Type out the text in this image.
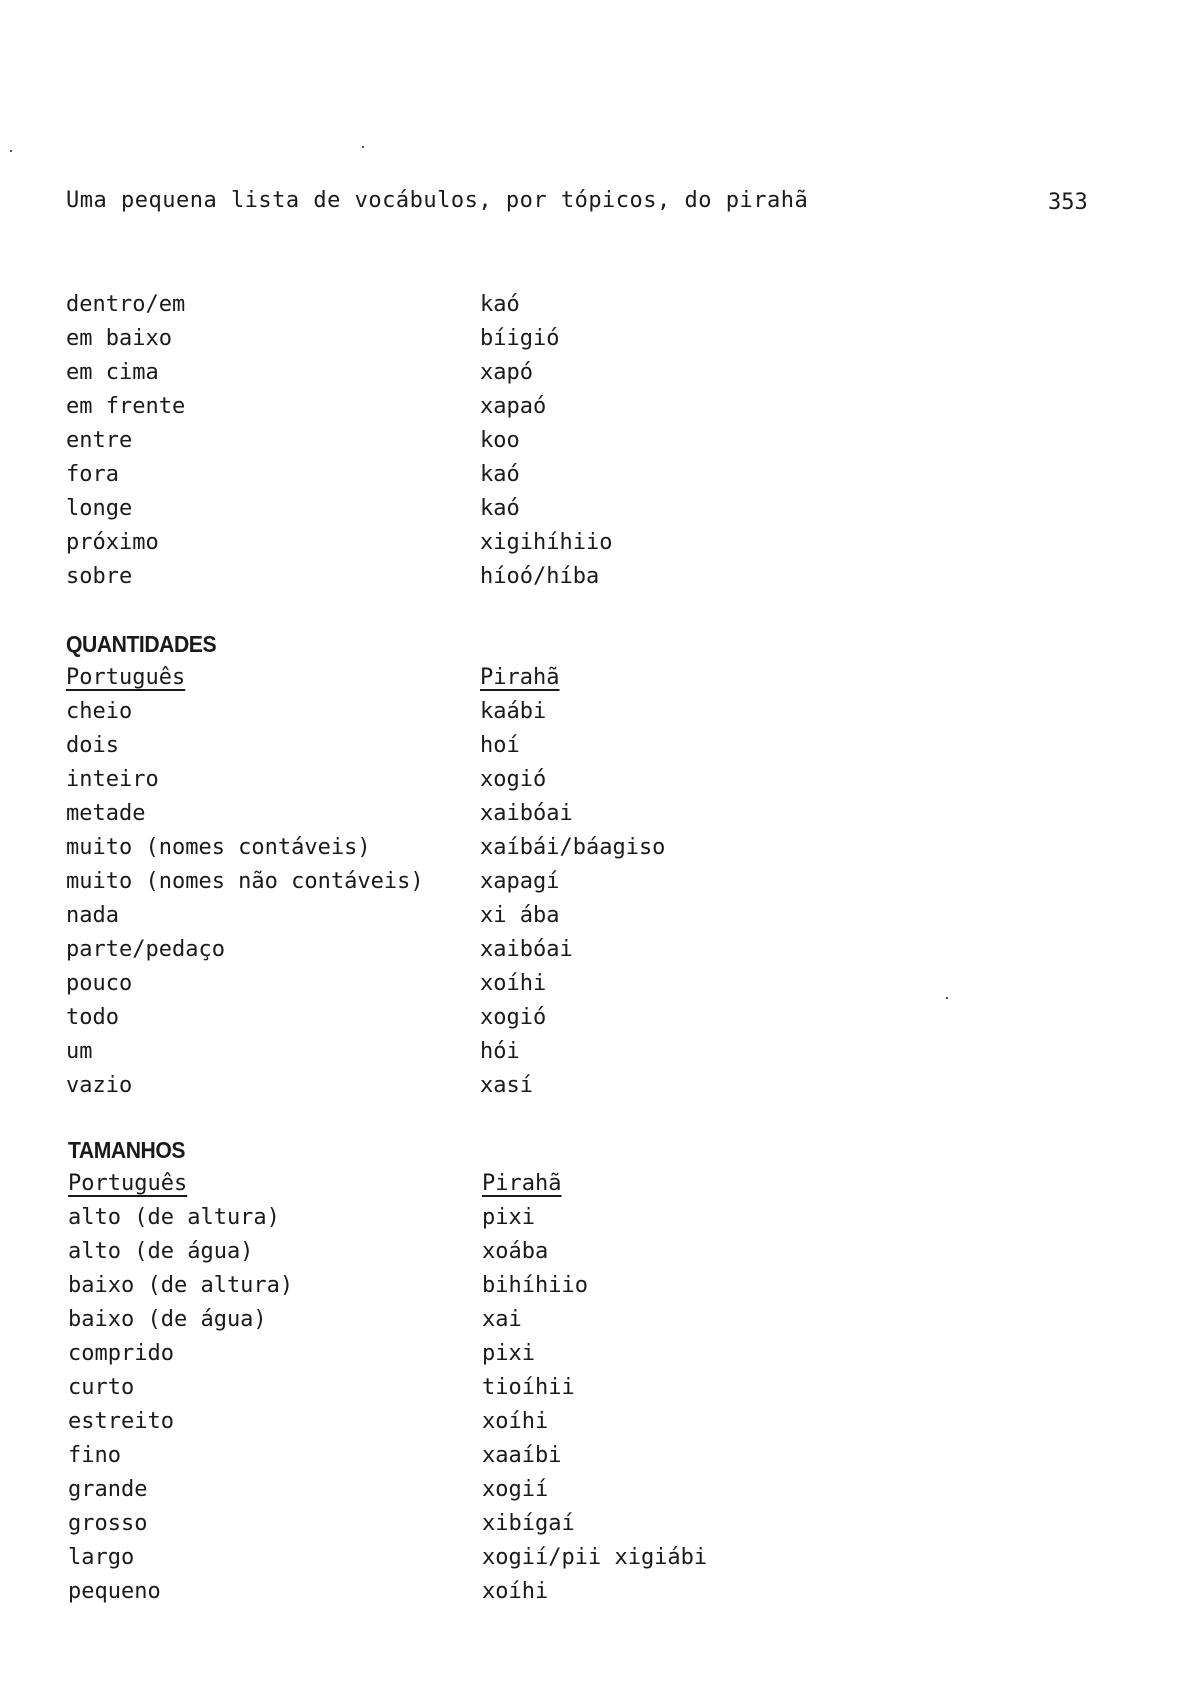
Uma pequena lista de vocábulos, por tópicos, do pirahã	353
dentro/em	kaó
em baixo	bíigió
em cima	xapó
em frente	xapaó
entre	koo
fora	kaó
longe	kaó
próximo	xigihíhiio
sobre	híoó/híba
QUANTIDADES
Português	Pirahã
cheio	kaábi
dois	hoí
inteiro	xogió
metade	xaibóai
muito (nomes contáveis)	xaíbái/báagiso
muito (nomes não contáveis)	xapagí
nada	xi ába
parte/pedaço	xaibóai
pouco	xoíhi
todo	xogió
um	hói
vazio	xasí
TAMANHOS
Português	Pirahã
alto (de altura)	pixi
alto (de água)	xoába
baixo (de altura)	bihíhiio
baixo (de água)	xai
comprido	pixi
curto	tioíhii
estreito	xoíhi
fino	xaaíbi
grande	xogií
grosso	xibígaí
largo	xogií/pii xigiábi
pequeno	xoíhi
